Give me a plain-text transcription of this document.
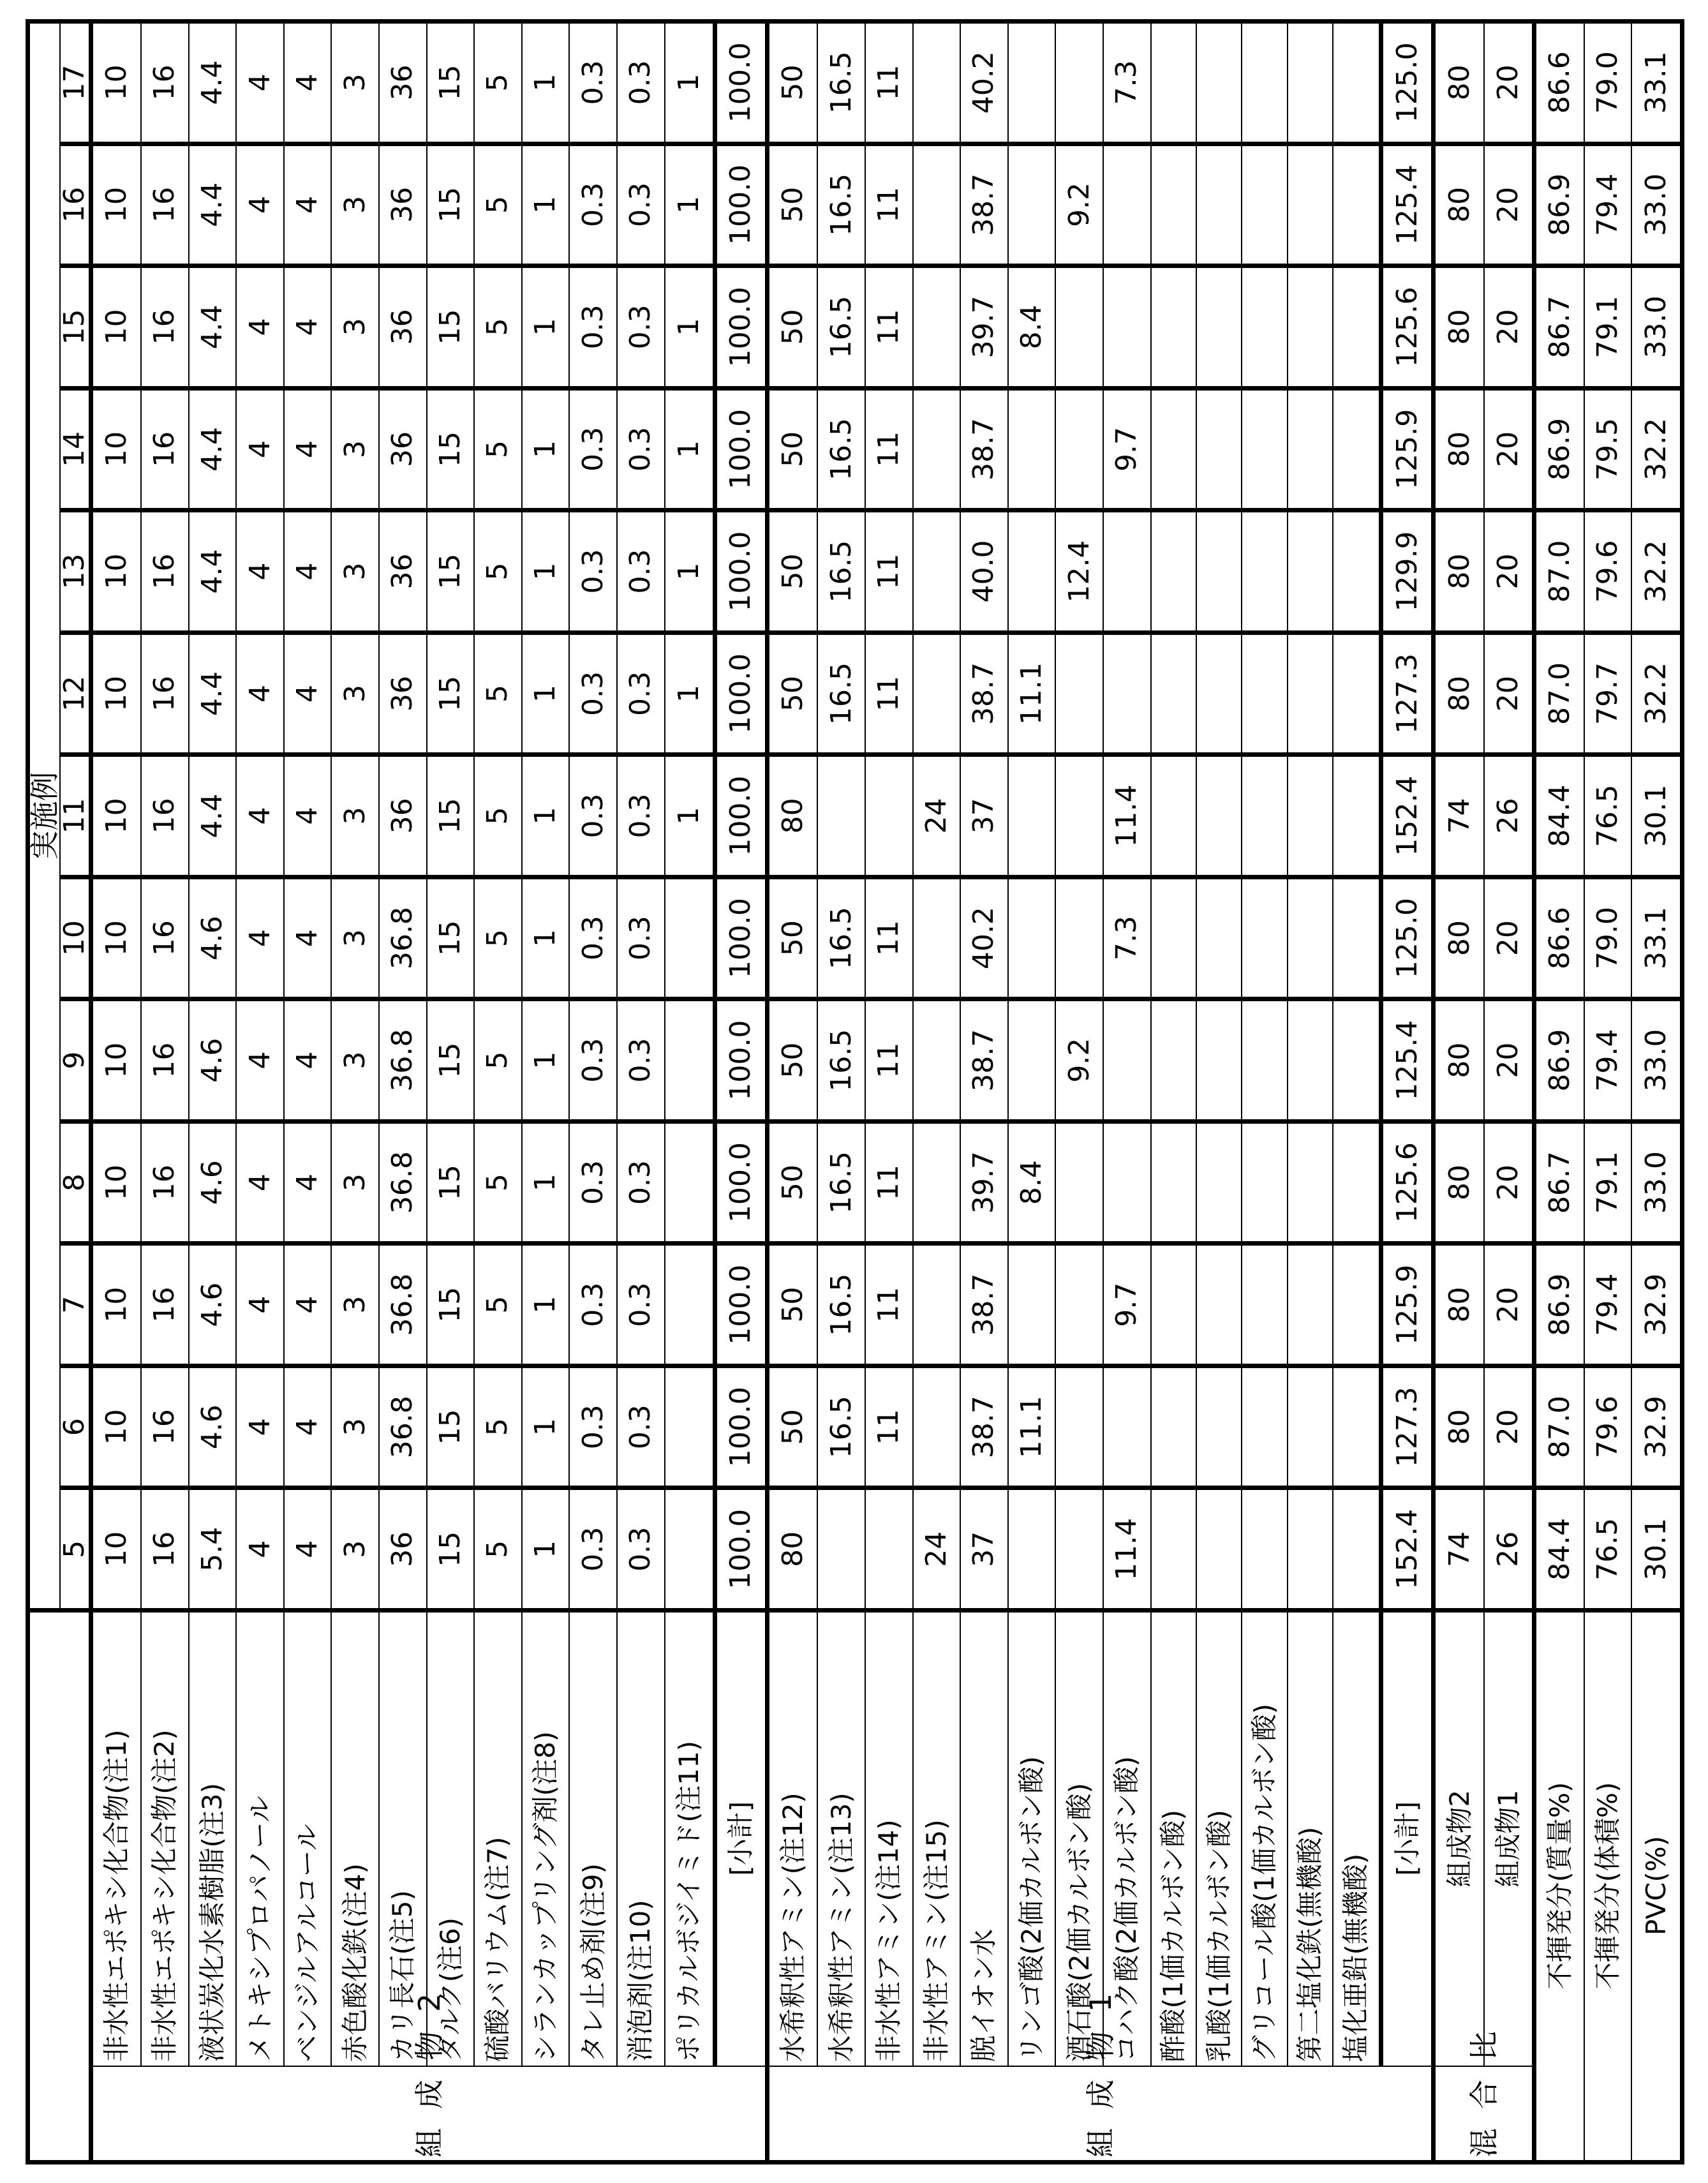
		実施例												
		5	6	7	8	9	10	11	12	13	14	15	16	17
組成物2	非水性エポキシ化合物(注1)	10	10	10	10	10	10	10	10	10	10	10	10	10
	非水性エポキシ化合物(注2)	16	16	16	16	16	16	16	16	16	16	16	16	16
	液状炭化水素樹脂(注3)	5.4	4.6	4.6	4.6	4.6	4.6	4.4	4.4	4.4	4.4	4.4	4.4	4.4
	メトキシプロパノール	4	4	4	4	4	4	4	4	4	4	4	4	4
	ベンジルアルコール	4	4	4	4	4	4	4	4	4	4	4	4	4
	赤色酸化鉄(注4)	3	3	3	3	3	3	3	3	3	3	3	3	3
	カリ長石(注5)	36	36.8	36.8	36.8	36.8	36.8	36	36	36	36	36	36	36
	タルク(注6)	15	15	15	15	15	15	15	15	15	15	15	15	15
	硫酸バリウム(注7)	5	5	5	5	5	5	5	5	5	5	5	5	5
	シランカップリング剤(注8)	1	1	1	1	1	1	1	1	1	1	1	1	1
	タレ止め剤(注9)	0.3	0.3	0.3	0.3	0.3	0.3	0.3	0.3	0.3	0.3	0.3	0.3	0.3
	消泡剤(注10)	0.3	0.3	0.3	0.3	0.3	0.3	0.3	0.3	0.3	0.3	0.3	0.3	0.3
	ポリカルボジイミド(注11)							1	1	1	1	1	1	1
	[小計]	100.0	100.0	100.0	100.0	100.0	100.0	100.0	100.0	100.0	100.0	100.0	100.0	100.0
組成物1	水希釈性アミン(注12)	80	50	50	50	50	50	80	50	50	50	50	50	50
	水希釈性アミン(注13)		16.5	16.5	16.5	16.5	16.5		16.5	16.5	16.5	16.5	16.5	16.5
	非水性アミン(注14)		11	11	11	11	11		11	11	11	11	11	11
	非水性アミン(注15)	24						24						
	脱イオン水	37	38.7	38.7	39.7	38.7	40.2	37	38.7	40.0	38.7	39.7	38.7	40.2
	リンゴ酸(2価カルボン酸)		11.1		8.4				11.1			8.4		
	酒石酸(2価カルボン酸)					9.2				12.4			9.2	
	コハク酸(2価カルボン酸)	11.4		9.7			7.3	11.4			9.7			7.3
	酢酸(1価カルボン酸)													
	乳酸(1価カルボン酸)													
	グリコール酸(1価カルボン酸)													
	第二塩化鉄(無機酸)													
	塩化亜鉛(無機酸)													
	[小計]	152.4	127.3	125.9	125.6	125.4	125.0	152.4	127.3	129.9	125.9	125.6	125.4	125.0
混合比	組成物2	74	80	80	80	80	80	74	80	80	80	80	80	80
	組成物1	26	20	20	20	20	20	26	20	20	20	20	20	20
不揮発分(質量%)		84.4	87.0	86.9	86.7	86.9	86.6	84.4	87.0	87.0	86.9	86.7	86.9	86.6
不揮発分(体積%)		76.5	79.6	79.4	79.1	79.4	79.0	76.5	79.7	79.6	79.5	79.1	79.4	79.0
PVC(%)		30.1	32.9	32.9	33.0	33.0	33.1	30.1	32.2	32.2	32.2	33.0	33.0	33.1
